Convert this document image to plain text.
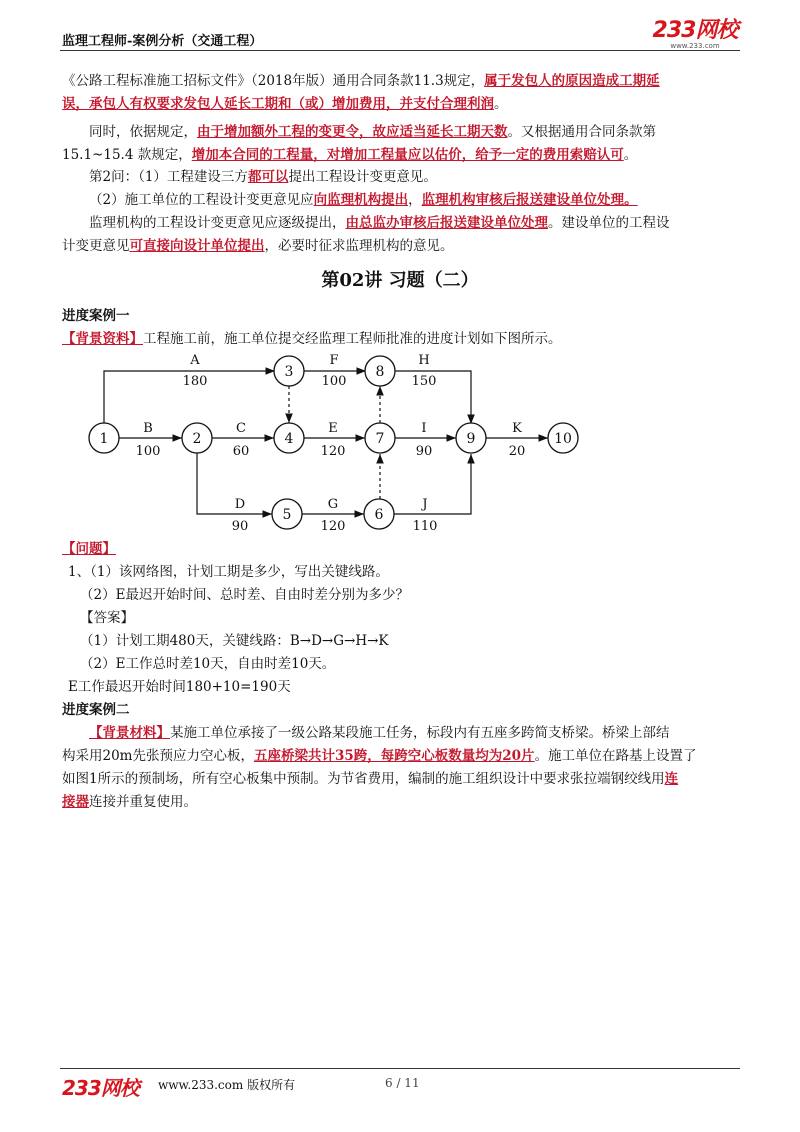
监理工程师-案例分析（交通工程）	233网校
www.233.com
《公路工程标准施工招标文件》（2018年版）通用合同条款11.3规定，属于发包人的原因造成工期延
误，承包人有权要求发包人延长工期和（或）增加费用，并支付合理利润。
同时，依据规定，由于增加额外工程的变更令，故应适当延长工期天数。又根据通用合同条款第
15.1~15.4 款规定，增加本合同的工程量，对增加工程量应以估价，给予一定的费用索赔认可。
第2问：（1）工程建设三方都可以提出工程设计变更意见。
（2）施工单位的工程设计变更意见应向监理机构提出，监理机构审核后报送建设单位处理。
监理机构的工程设计变更意见应逐级提出，由总监办审核后报送建设单位处理。建设单位的工程设
计变更意见可直接向设计单位提出，必要时征求监理机构的意见。
第02讲 习题（二）
进度案例一
【背景资料】工程施工前，施工单位提交经监理工程师批准的进度计划如下图所示。
1	2
3
4
5	6
7
8
9	10
A
180
B
100
C
60
D
90
E
120
F
100
G
120
H
150
I
90
J
110
K
20
【问题】
1、（1）该网络图，计划工期是多少，写出关键线路。
（2）E最迟开始时间、总时差、自由时差分别为多少？
【答案】
（1）计划工期480天，关键线路：B→D→G→H→K
（2）E工作总时差10天，自由时差10天。
E工作最迟开始时间180+10=190天
进度案例二
【背景材料】某施工单位承接了一级公路某段施工任务，标段内有五座多跨简支桥梁。桥梁上部结
构采用20m先张预应力空心板，五座桥梁共计35跨，每跨空心板数量均为20片。施工单位在路基上设置了
如图1所示的预制场，所有空心板集中预制。为节省费用，编制的施工组织设计中要求张拉端钢绞线用连
接器连接并重复使用。
233网校 www.233.com 版权所有	6 / 11
